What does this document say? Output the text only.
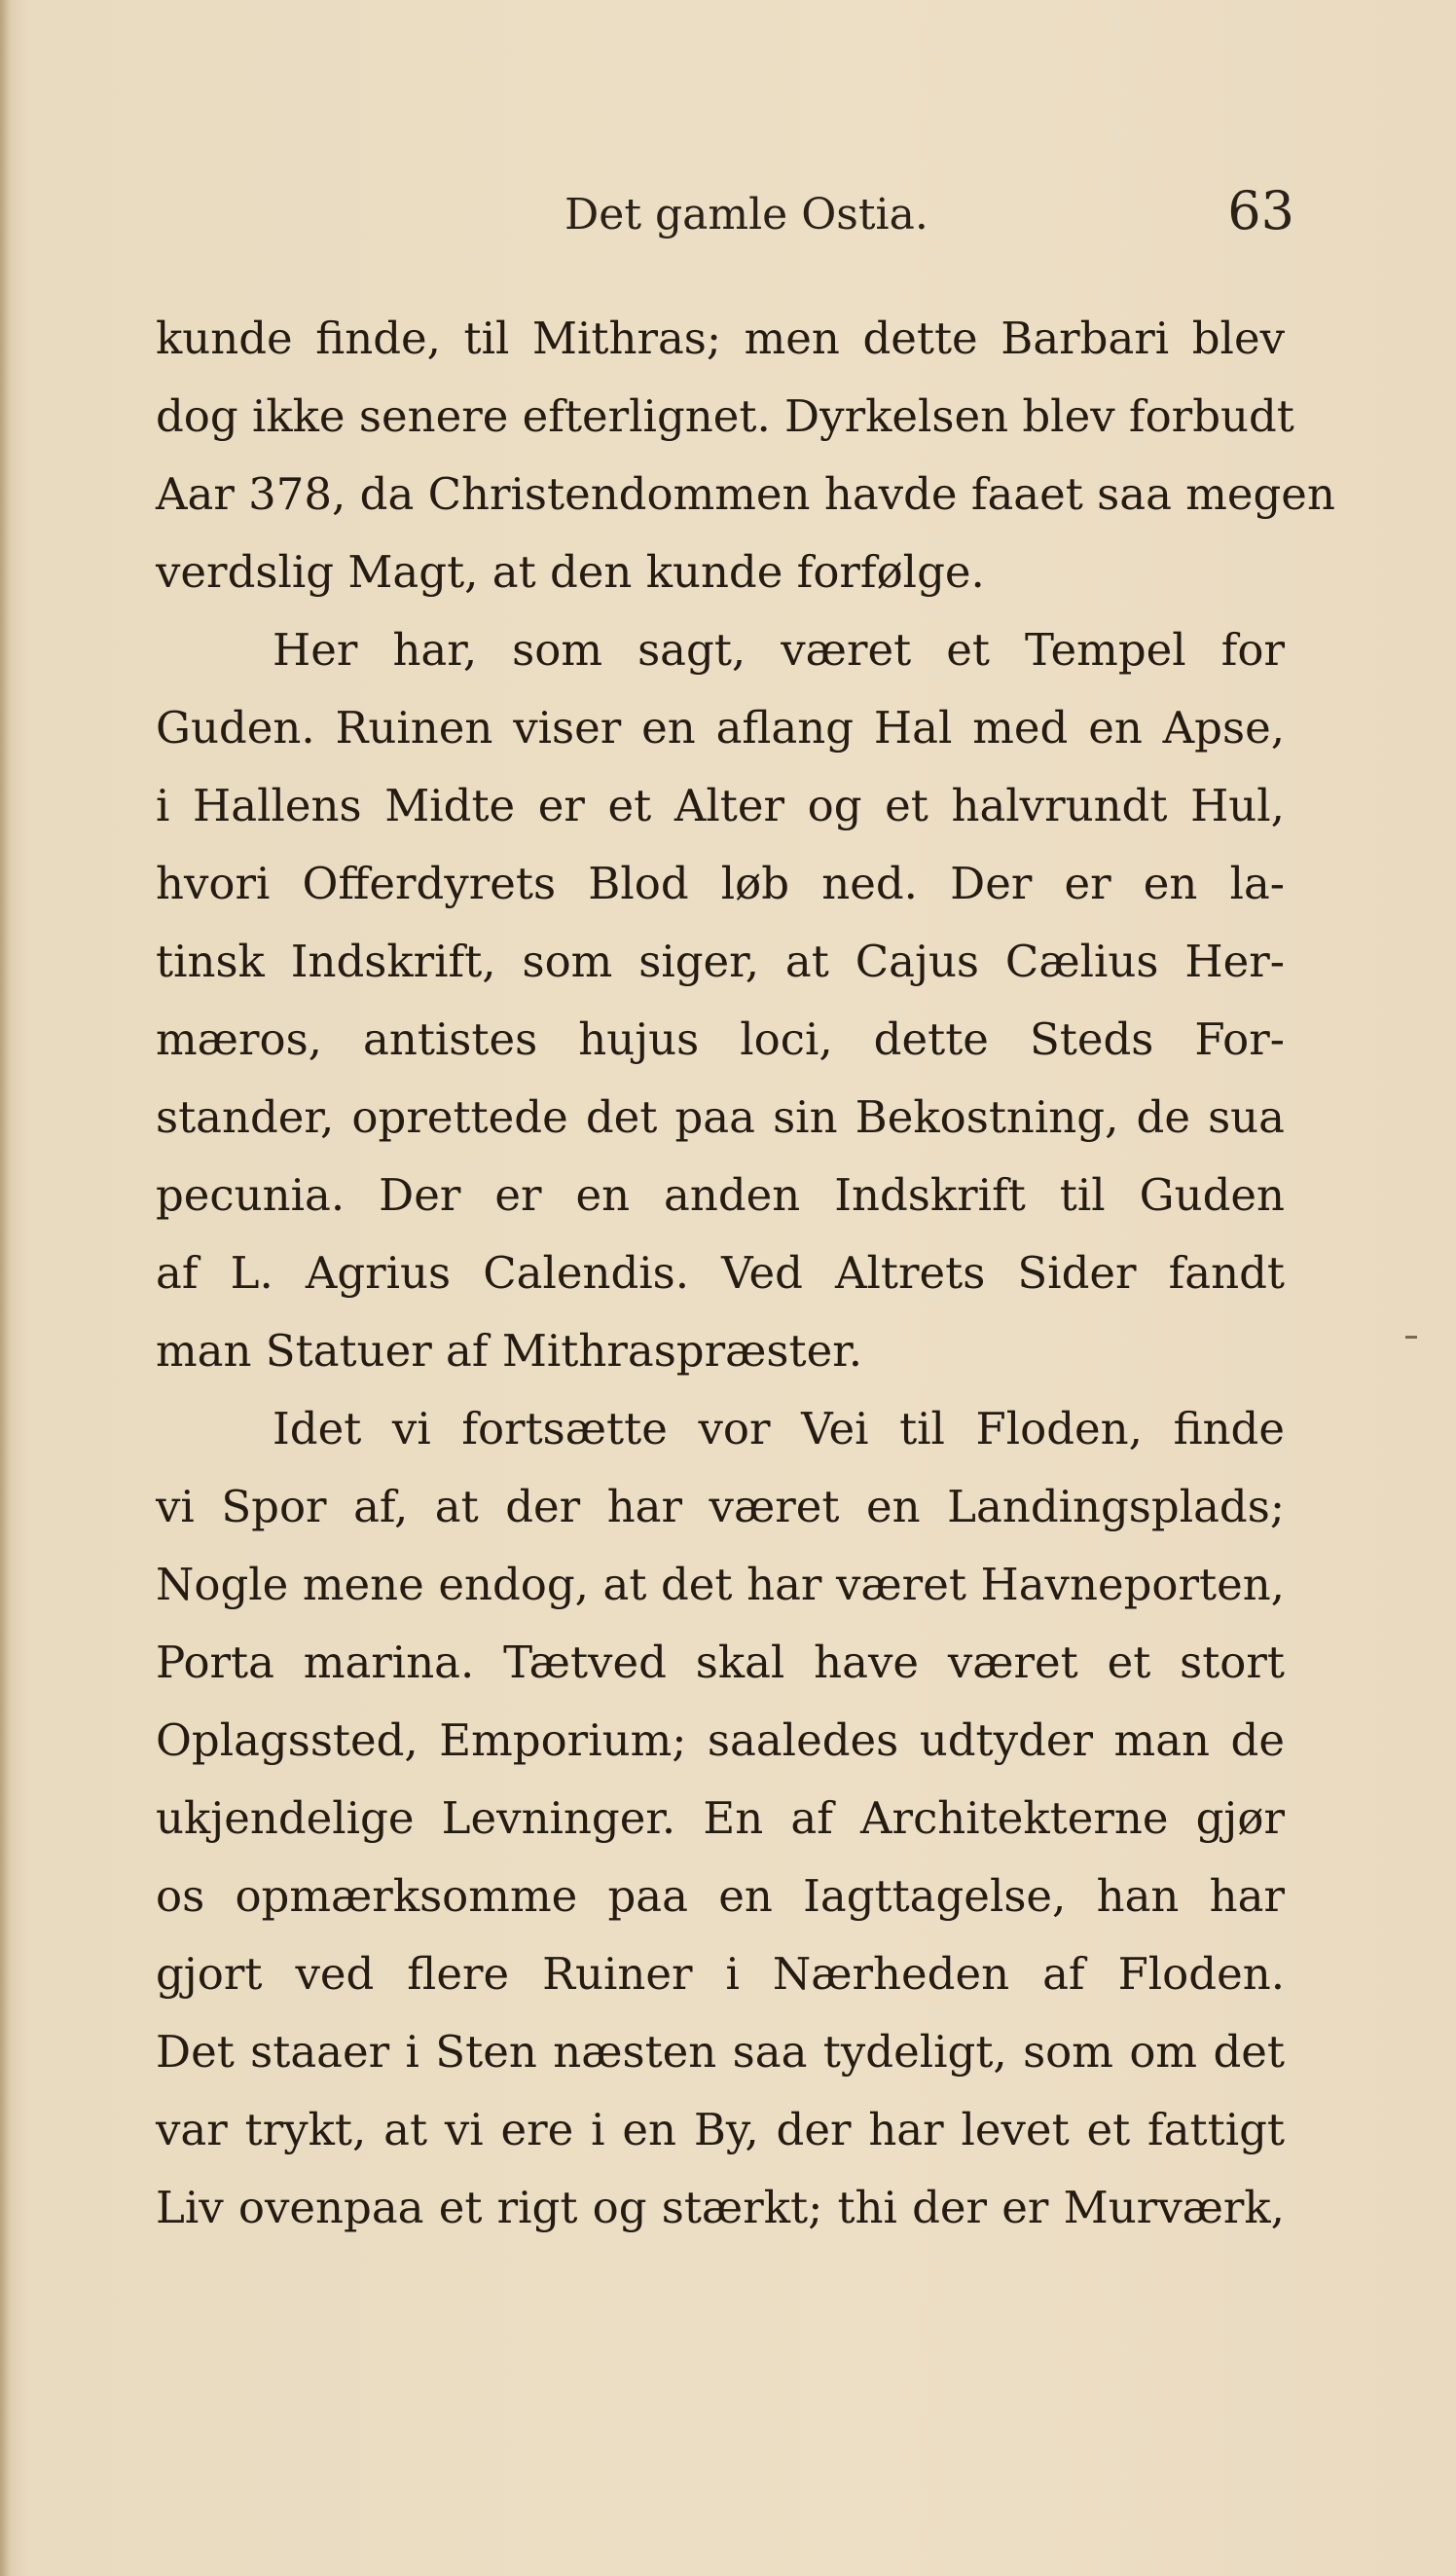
Det gamle Ostia.	63
kunde finde, til Mithras; men dette Barbari blev
dog ikke senere efterlignet. Dyrkelsen blev forbudt
Aar 378, da Christendommen havde faaet saa megen
verdslig Magt, at den kunde forfølge.
Her har, som sagt, været et Tempel for
Guden. Ruinen viser en aflang Hal med en Apse,
i Hallens Midte er et Alter og et halvrundt Hul,
hvori Offerdyrets Blod løb ned. Der er en la-
tinsk Indskrift, som siger, at Cajus Cælius Her-
mæros, antistes hujus loci, dette Steds For-
stander, oprettede det paa sin Bekostning, de sua
pecunia. Der er en anden Indskrift til Guden
af L. Agrius Calendis. Ved Altrets Sider fandt
man Statuer af Mithraspræster.
Idet vi fortsætte vor Vei til Floden, finde
vi Spor af, at der har været en Landingsplads;
Nogle mene endog, at det har været Havneporten,
Porta marina. Tætved skal have været et stort
Oplagssted, Emporium; saaledes udtyder man de
ukjendelige Levninger. En af Architekterne gjør
os opmærksomme paa en Iagttagelse, han har
gjort ved flere Ruiner i Nærheden af Floden.
Det staaer i Sten næsten saa tydeligt, som om det
var trykt, at vi ere i en By, der har levet et fattigt
Liv ovenpaa et rigt og stærkt; thi der er Murværk,
